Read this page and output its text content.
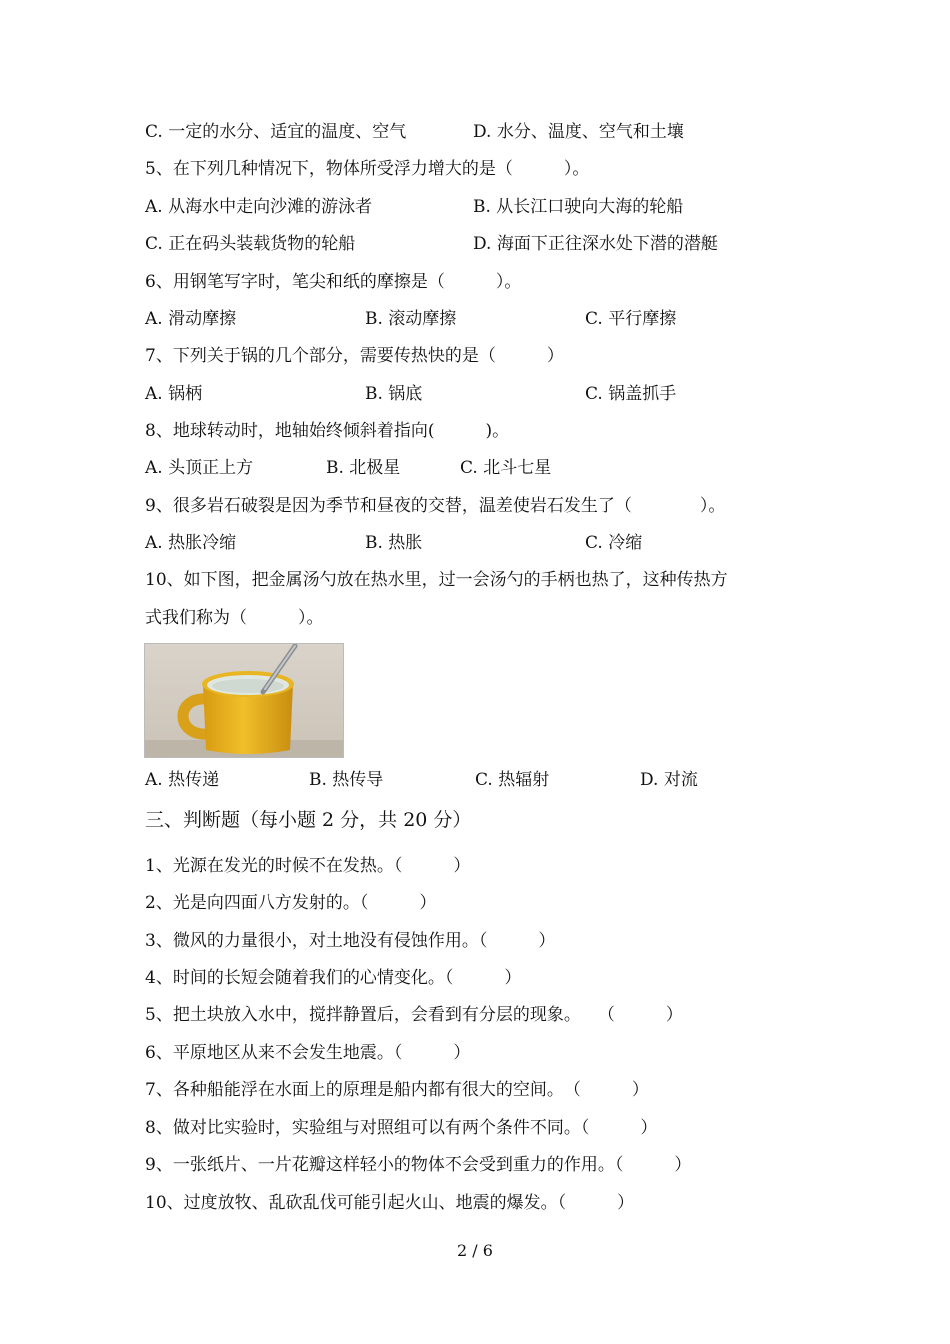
C. 一定的水分、适宜的温度、空气	D. 水分、温度、空气和土壤
5、在下列几种情况下，物体所受浮力增大的是（　　　）。
A. 从海水中走向沙滩的游泳者	B. 从长江口驶向大海的轮船
C. 正在码头装载货物的轮船	D. 海面下正往深水处下潜的潜艇
6、用钢笔写字时，笔尖和纸的摩擦是（　　　）。
A. 滑动摩擦	B. 滚动摩擦	C. 平行摩擦
7、下列关于锅的几个部分，需要传热快的是（　　　）
A. 锅柄	B. 锅底	C. 锅盖抓手
8、地球转动时，地轴始终倾斜着指向(　　　)。
A. 头顶正上方	B. 北极星	C. 北斗七星
9、很多岩石破裂是因为季节和昼夜的交替，温差使岩石发生了（　　　　）。
A. 热胀冷缩	B. 热胀	C. 冷缩
10、如下图，把金属汤勺放在热水里，过一会汤勺的手柄也热了，这种传热方
式我们称为（　　　）。
A. 热传递	B. 热传导	C. 热辐射	D. 对流
三、判断题（每小题 2 分，共 20 分）
1、光源在发光的时候不在发热。（　　　）
2、光是向四面八方发射的。（　　　）
3、微风的力量很小，对土地没有侵蚀作用。（　　　）
4、时间的长短会随着我们的心情变化。（　　　）
5、把土块放入水中，搅拌静置后，会看到有分层的现象。　　（　　　）
6、平原地区从来不会发生地震。（　　　）
7、各种船能浮在水面上的原理是船内都有很大的空间。　（　　　）
8、做对比实验时，实验组与对照组可以有两个条件不同。（　　　）
9、一张纸片、一片花瓣这样轻小的物体不会受到重力的作用。（　　　）
10、过度放牧、乱砍乱伐可能引起火山、地震的爆发。（　　　）
2 / 6
